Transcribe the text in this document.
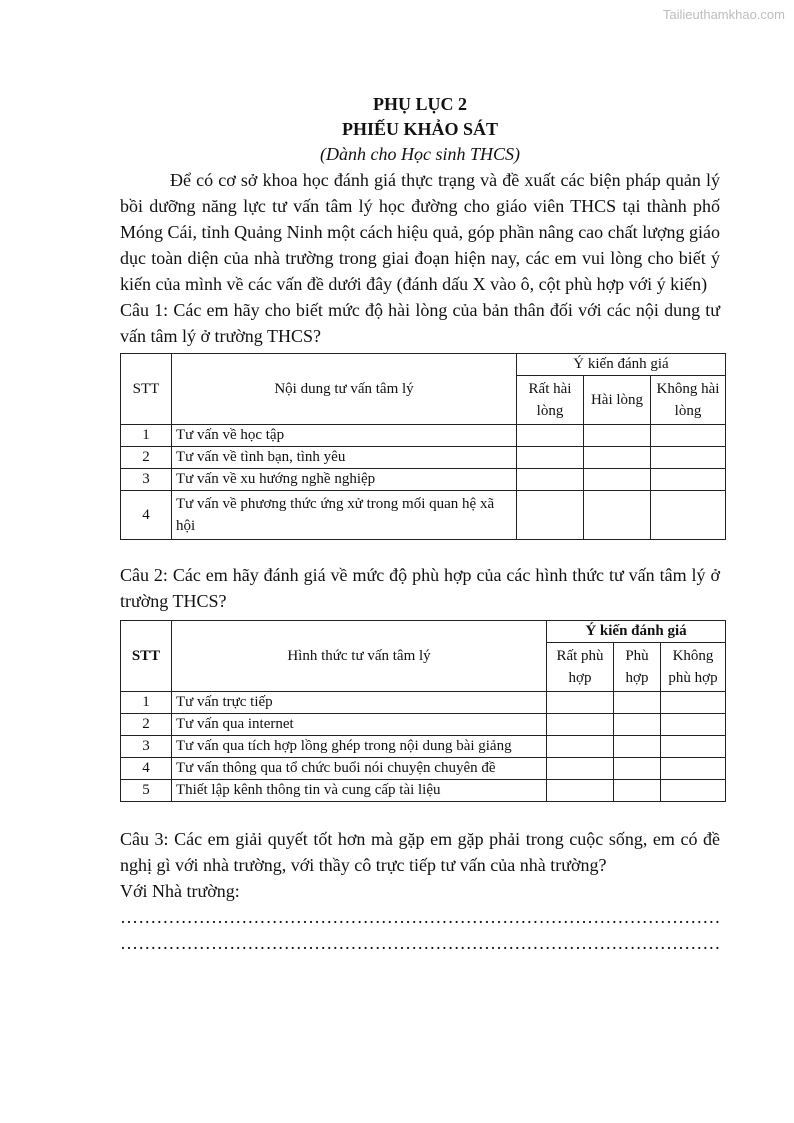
Tailieuthamkhao.com
PHỤ LỤC 2
PHIẾU KHẢO SÁT
(Dành cho Học sinh THCS)

Để có cơ sở khoa học đánh giá thực trạng và đề xuất các biện pháp quản lý bồi dưỡng năng lực tư vấn tâm lý học đường cho giáo viên THCS tại thành phố Móng Cái, tỉnh Quảng Ninh một cách hiệu quả, góp phần nâng cao chất lượng giáo dục toàn diện của nhà trường trong giai đoạn hiện nay, các em vui lòng cho biết ý kiến của mình về các vấn đề dưới đây (đánh dấu X vào ô, cột phù hợp với ý kiến)

Câu 1: Các em hãy cho biết mức độ hài lòng của bản thân đối với các nội dung tư vấn tâm lý ở trường THCS?

STT	Nội dung tư vấn tâm lý	Ý kiến đánh giá		
		Rất hài lòng	Hài lòng	Không hài lòng
1	Tư vấn về học tập			
2	Tư vấn về tình bạn, tình yêu			
3	Tư vấn về xu hướng nghề nghiệp			
4	Tư vấn về phương thức ứng xử trong mối quan hệ xã hội			

Câu 2: Các em hãy đánh giá về mức độ phù hợp của các hình thức tư vấn tâm lý ở trường THCS?

STT	Hình thức tư vấn tâm lý	Ý kiến đánh giá		
		Rất phù hợp	Phù hợp	Không phù hợp
1	Tư vấn trực tiếp			
2	Tư vấn qua internet			
3	Tư vấn qua tích hợp lồng ghép trong nội dung bài giảng			
4	Tư vấn thông qua tổ chức buổi nói chuyện chuyên đề			
5	Thiết lập kênh thông tin và cung cấp tài liệu			

Câu 3: Các em giải quyết tốt hơn mà gặp em gặp phải trong cuộc sống, em có đề nghị gì với nhà trường, với thầy cô trực tiếp tư vấn của nhà trường?

Với Nhà trường:

………………………………………………………………………………………
………………………………………………………………………………………
